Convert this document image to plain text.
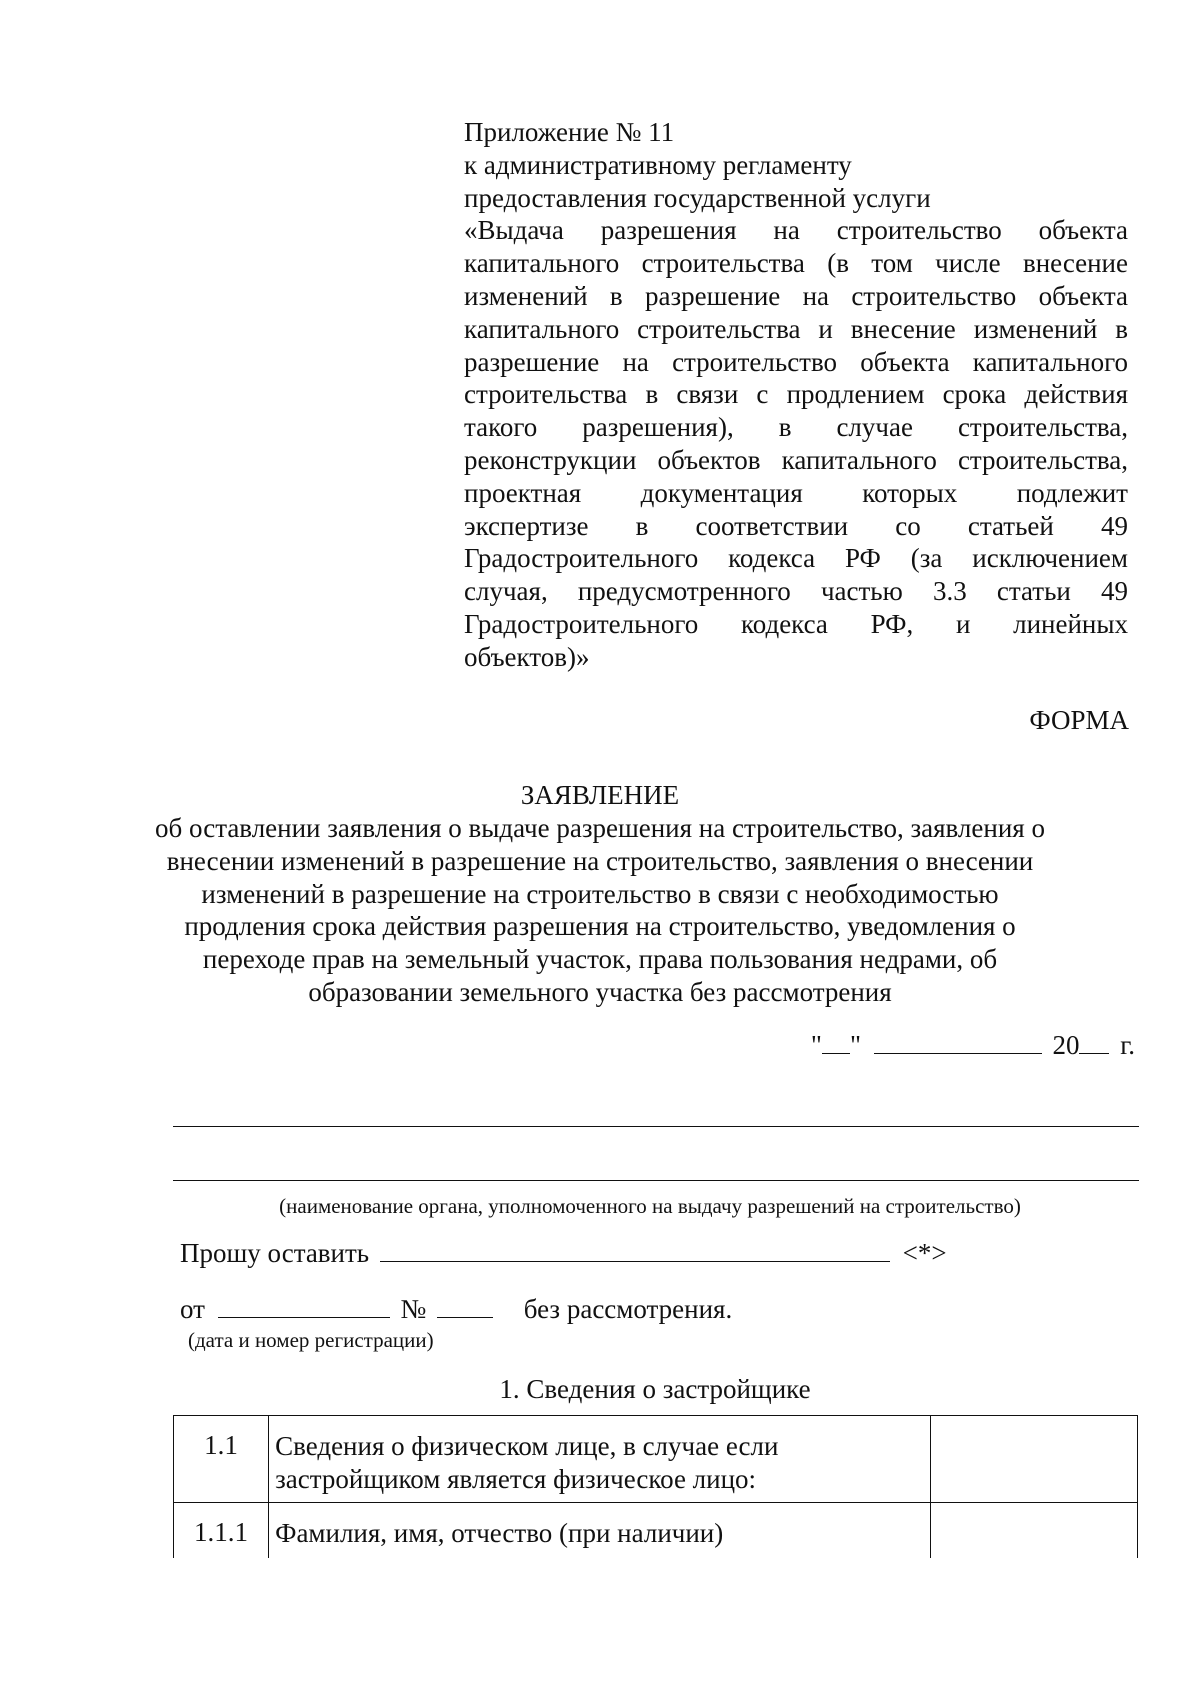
Приложение № 11
к административному регламенту
предоставления государственной услуги
«Выдача разрешения на строительство объекта
капитального строительства (в том числе внесение
изменений в разрешение на строительство объекта
капитального строительства и внесение изменений в
разрешение на строительство объекта капитального
строительства в связи с продлением срока действия
такого разрешения), в случае строительства,
реконструкции объектов капитального строительства,
проектная документация которых подлежит
экспертизе в соответствии со статьей 49
Градостроительного кодекса РФ (за исключением
случая, предусмотренного частью 3.3 статьи 49
Градостроительного кодекса РФ, и линейных
объектов)»
ФОРМА
ЗАЯВЛЕНИЕ
об оставлении заявления о выдаче разрешения на строительство, заявления о
внесении изменений в разрешение на строительство, заявления о внесении
изменений в разрешение на строительство в связи с необходимостью
продления срока действия разрешения на строительство, уведомления о
переходе прав на земельный участок, права пользования недрами, об
образовании земельного участка без рассмотрения
" "	20 г.
(наименование органа, уполномоченного на выдачу разрешений на строительство)
Прошу оставить	<*>
от	№	без рассмотрения.
(дата и номер регистрации)
1. Сведения о застройщике
1.1	Сведения о физическом лице, в случае если
застройщиком является физическое лицо:	

1.1.1	Фамилия, имя, отчество (при наличии)	
